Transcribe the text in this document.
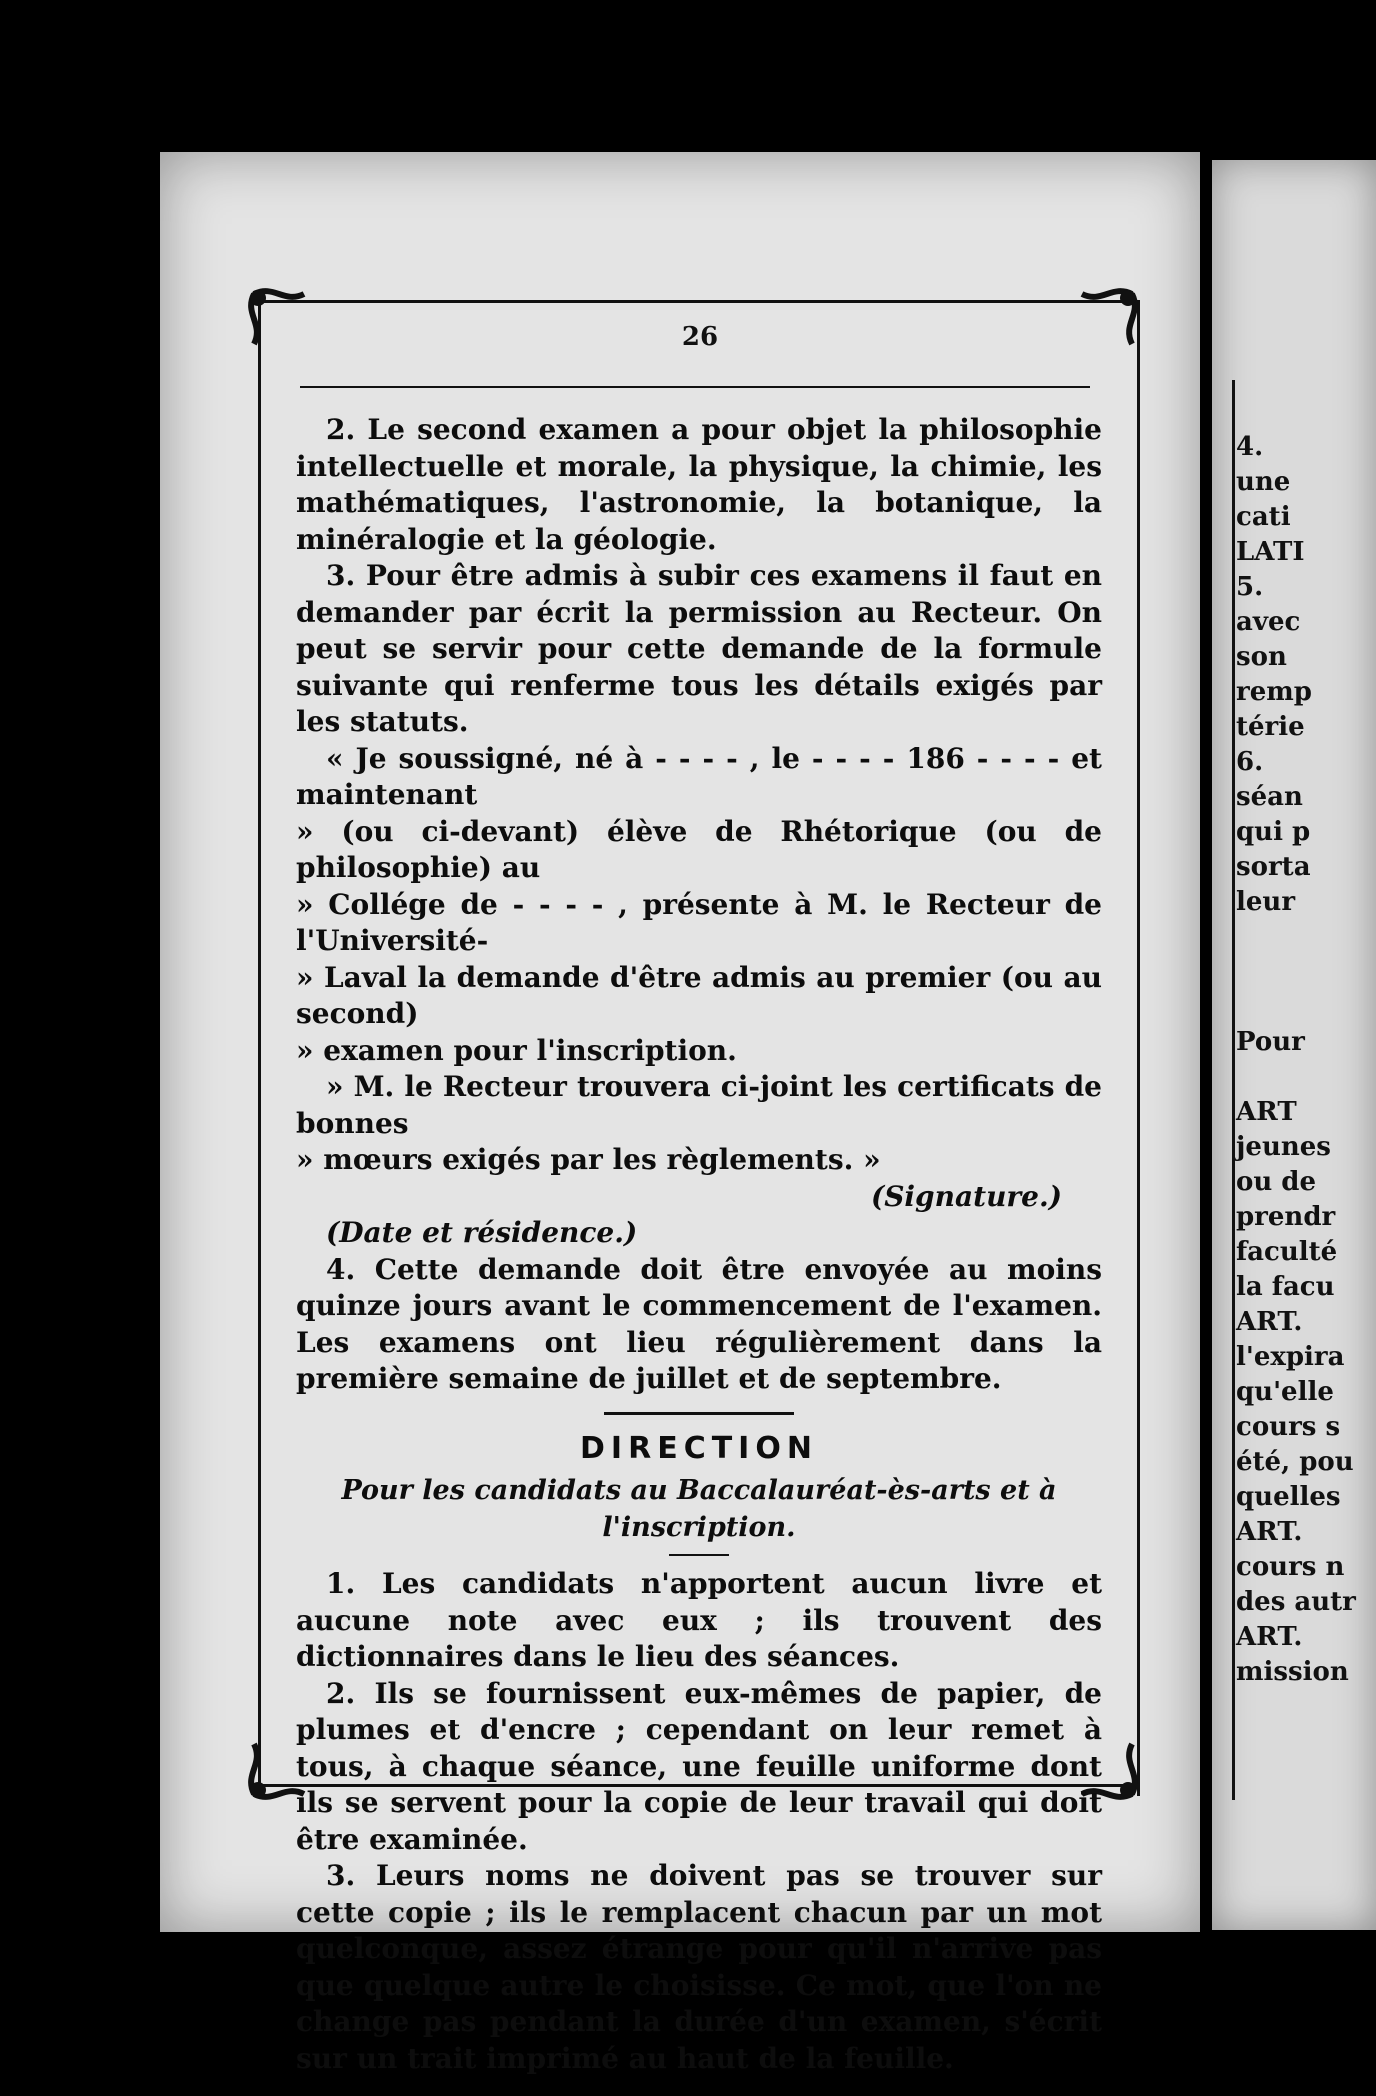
4.
une
cati
LATI
5.
avec
son
remp
térie
6.
séan
qui p
sorta
leur
Pour
ART
jeunes
ou de
prendr
faculté
la facu
ART.
l'expira
qu'elle
cours s
été, pou
quelles
ART.
cours n
des autr
ART.
mission
26

2. Le second examen a pour objet la philosophie intellectuelle et morale, la physique, la chimie, les mathématiques, l'astronomie, la botanique, la minéralogie et la géologie.

3. Pour être admis à subir ces examens il faut en demander par écrit la permission au Recteur. On peut se servir pour cette demande de la formule suivante qui renferme tous les détails exigés par les statuts.

« Je soussigné, né à - - - - , le - - - - 186 - - - - et maintenant
» (ou ci-devant) élève de Rhétorique (ou de philosophie) au
» Collége de - - - - , présente à M. le Recteur de l'Université-
» Laval la demande d'être admis au premier (ou au second)
» examen pour l'inscription.
» M. le Recteur trouvera ci-joint les certificats de bonnes
» mœurs exigés par les règlements. »

(Signature.)

(Date et résidence.)

4. Cette demande doit être envoyée au moins quinze jours avant le commencement de l'examen. Les examens ont lieu régulièrement dans la première semaine de juillet et de septembre.

DIRECTION
Pour les candidats au Baccalauréat-ès-arts et à l'inscription.

1. Les candidats n'apportent aucun livre et aucune note avec eux ; ils trouvent des dictionnaires dans le lieu des séances.

2. Ils se fournissent eux-mêmes de papier, de plumes et d'encre ; cependant on leur remet à tous, à chaque séance, une feuille uniforme dont ils se servent pour la copie de leur travail qui doit être examinée.

3. Leurs noms ne doivent pas se trouver sur cette copie ; ils le remplacent chacun par un mot quelconque, assez étrange pour qu'il n'arrive pas que quelque autre le choisisse. Ce mot, que l'on ne change pas pendant la durée d'un examen, s'écrit sur un trait imprimé au haut de la feuille.
